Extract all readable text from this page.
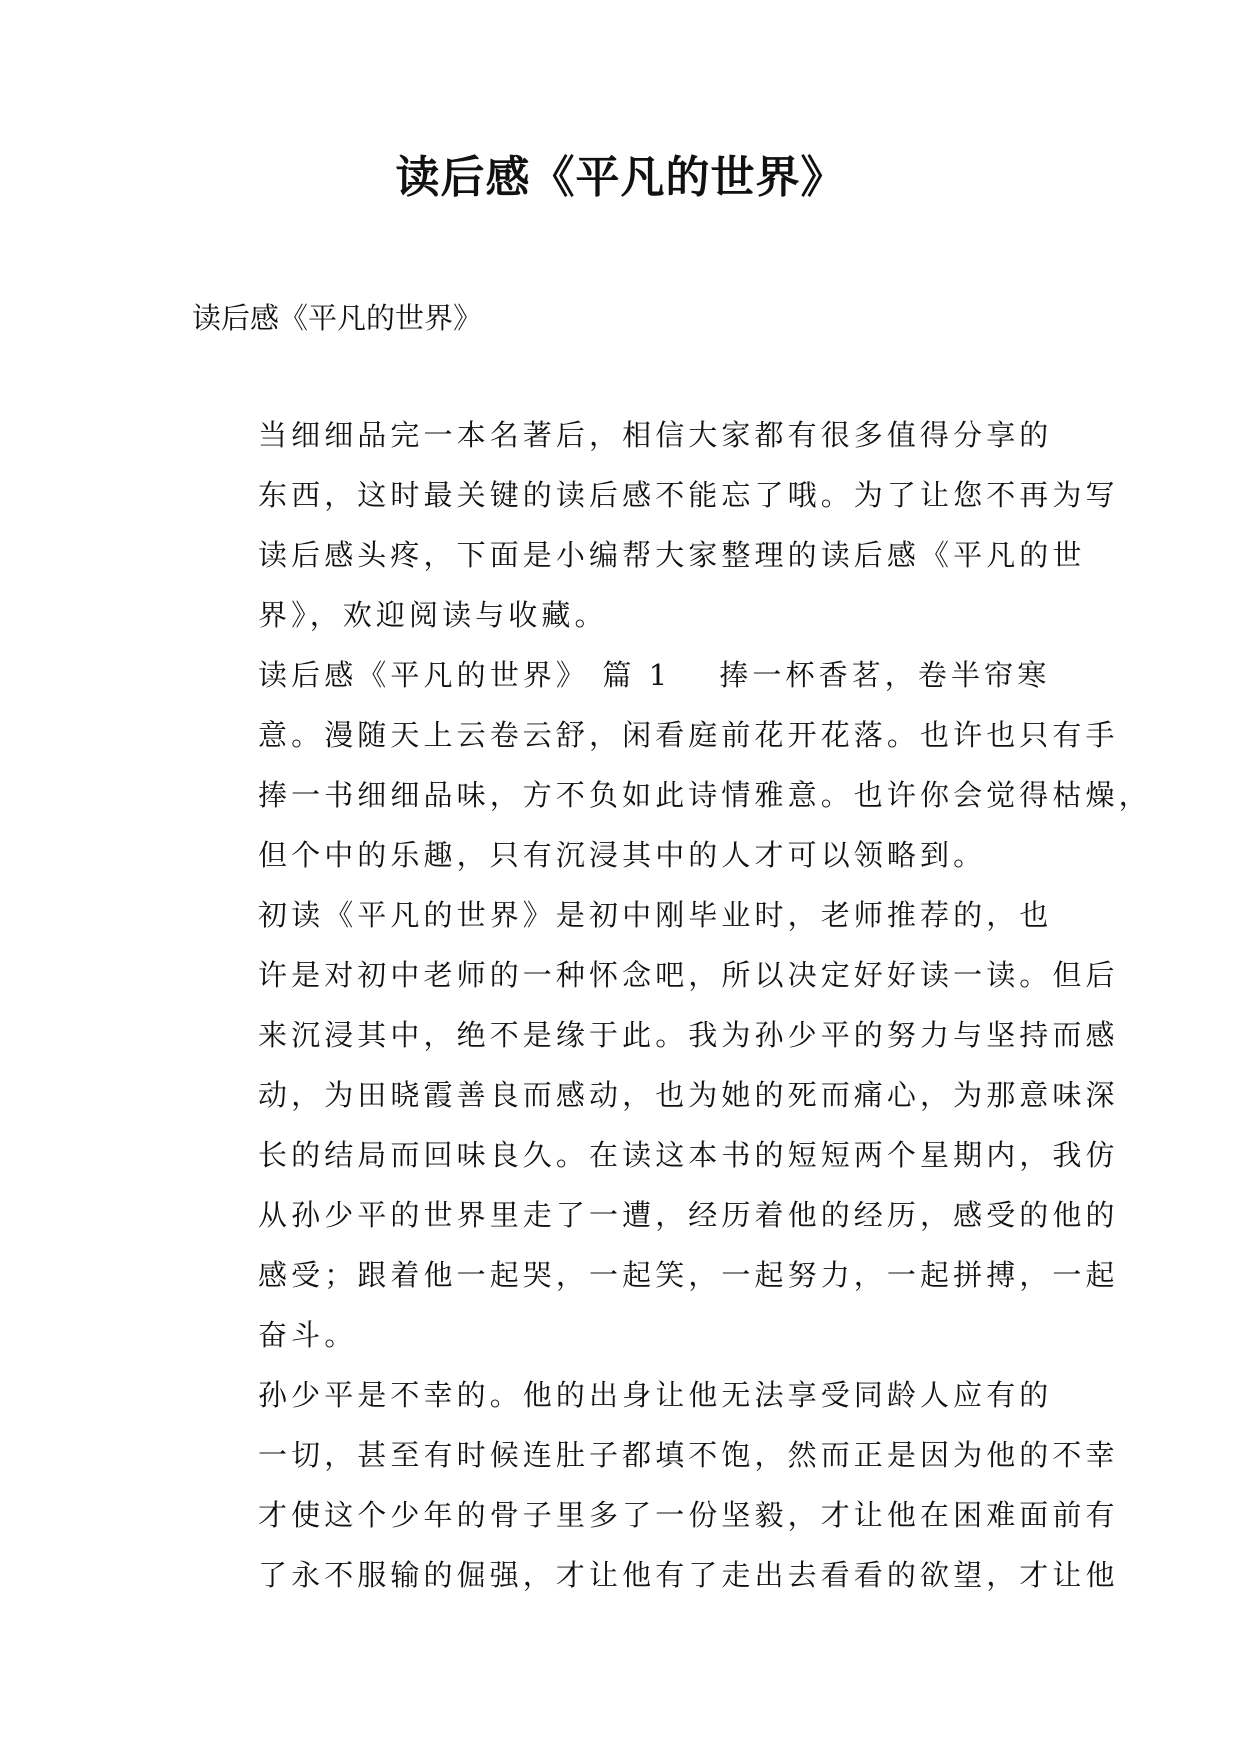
读后感《平凡的世界》

读后感《平凡的世界》

当细细品完一本名著后，相信大家都有很多值得分享的
东西，这时最关键的读后感不能忘了哦。为了让您不再为写
读后感头疼，下面是小编帮大家整理的读后感《平凡的世
界》，欢迎阅读与收藏。

读后感《平凡的世界》 篇 1 捧一杯香茗，卷半帘寒
意。漫随天上云卷云舒，闲看庭前花开花落。也许也只有手
捧一书细细品味，方不负如此诗情雅意。也许你会觉得枯燥，
但个中的乐趣，只有沉浸其中的人才可以领略到。

初读《平凡的世界》是初中刚毕业时，老师推荐的，也
许是对初中老师的一种怀念吧，所以决定好好读一读。但后
来沉浸其中，绝不是缘于此。我为孙少平的努力与坚持而感
动，为田晓霞善良而感动，也为她的死而痛心，为那意味深
长的结局而回味良久。在读这本书的短短两个星期内，我仿
从孙少平的世界里走了一遭，经历着他的经历，感受的他的
感受；跟着他一起哭，一起笑，一起努力，一起拼搏，一起
奋斗。

孙少平是不幸的。他的出身让他无法享受同龄人应有的
一切，甚至有时候连肚子都填不饱，然而正是因为他的不幸
才使这个少年的骨子里多了一份坚毅，才让他在困难面前有
了永不服输的倔强，才让他有了走出去看看的欲望，才让他
